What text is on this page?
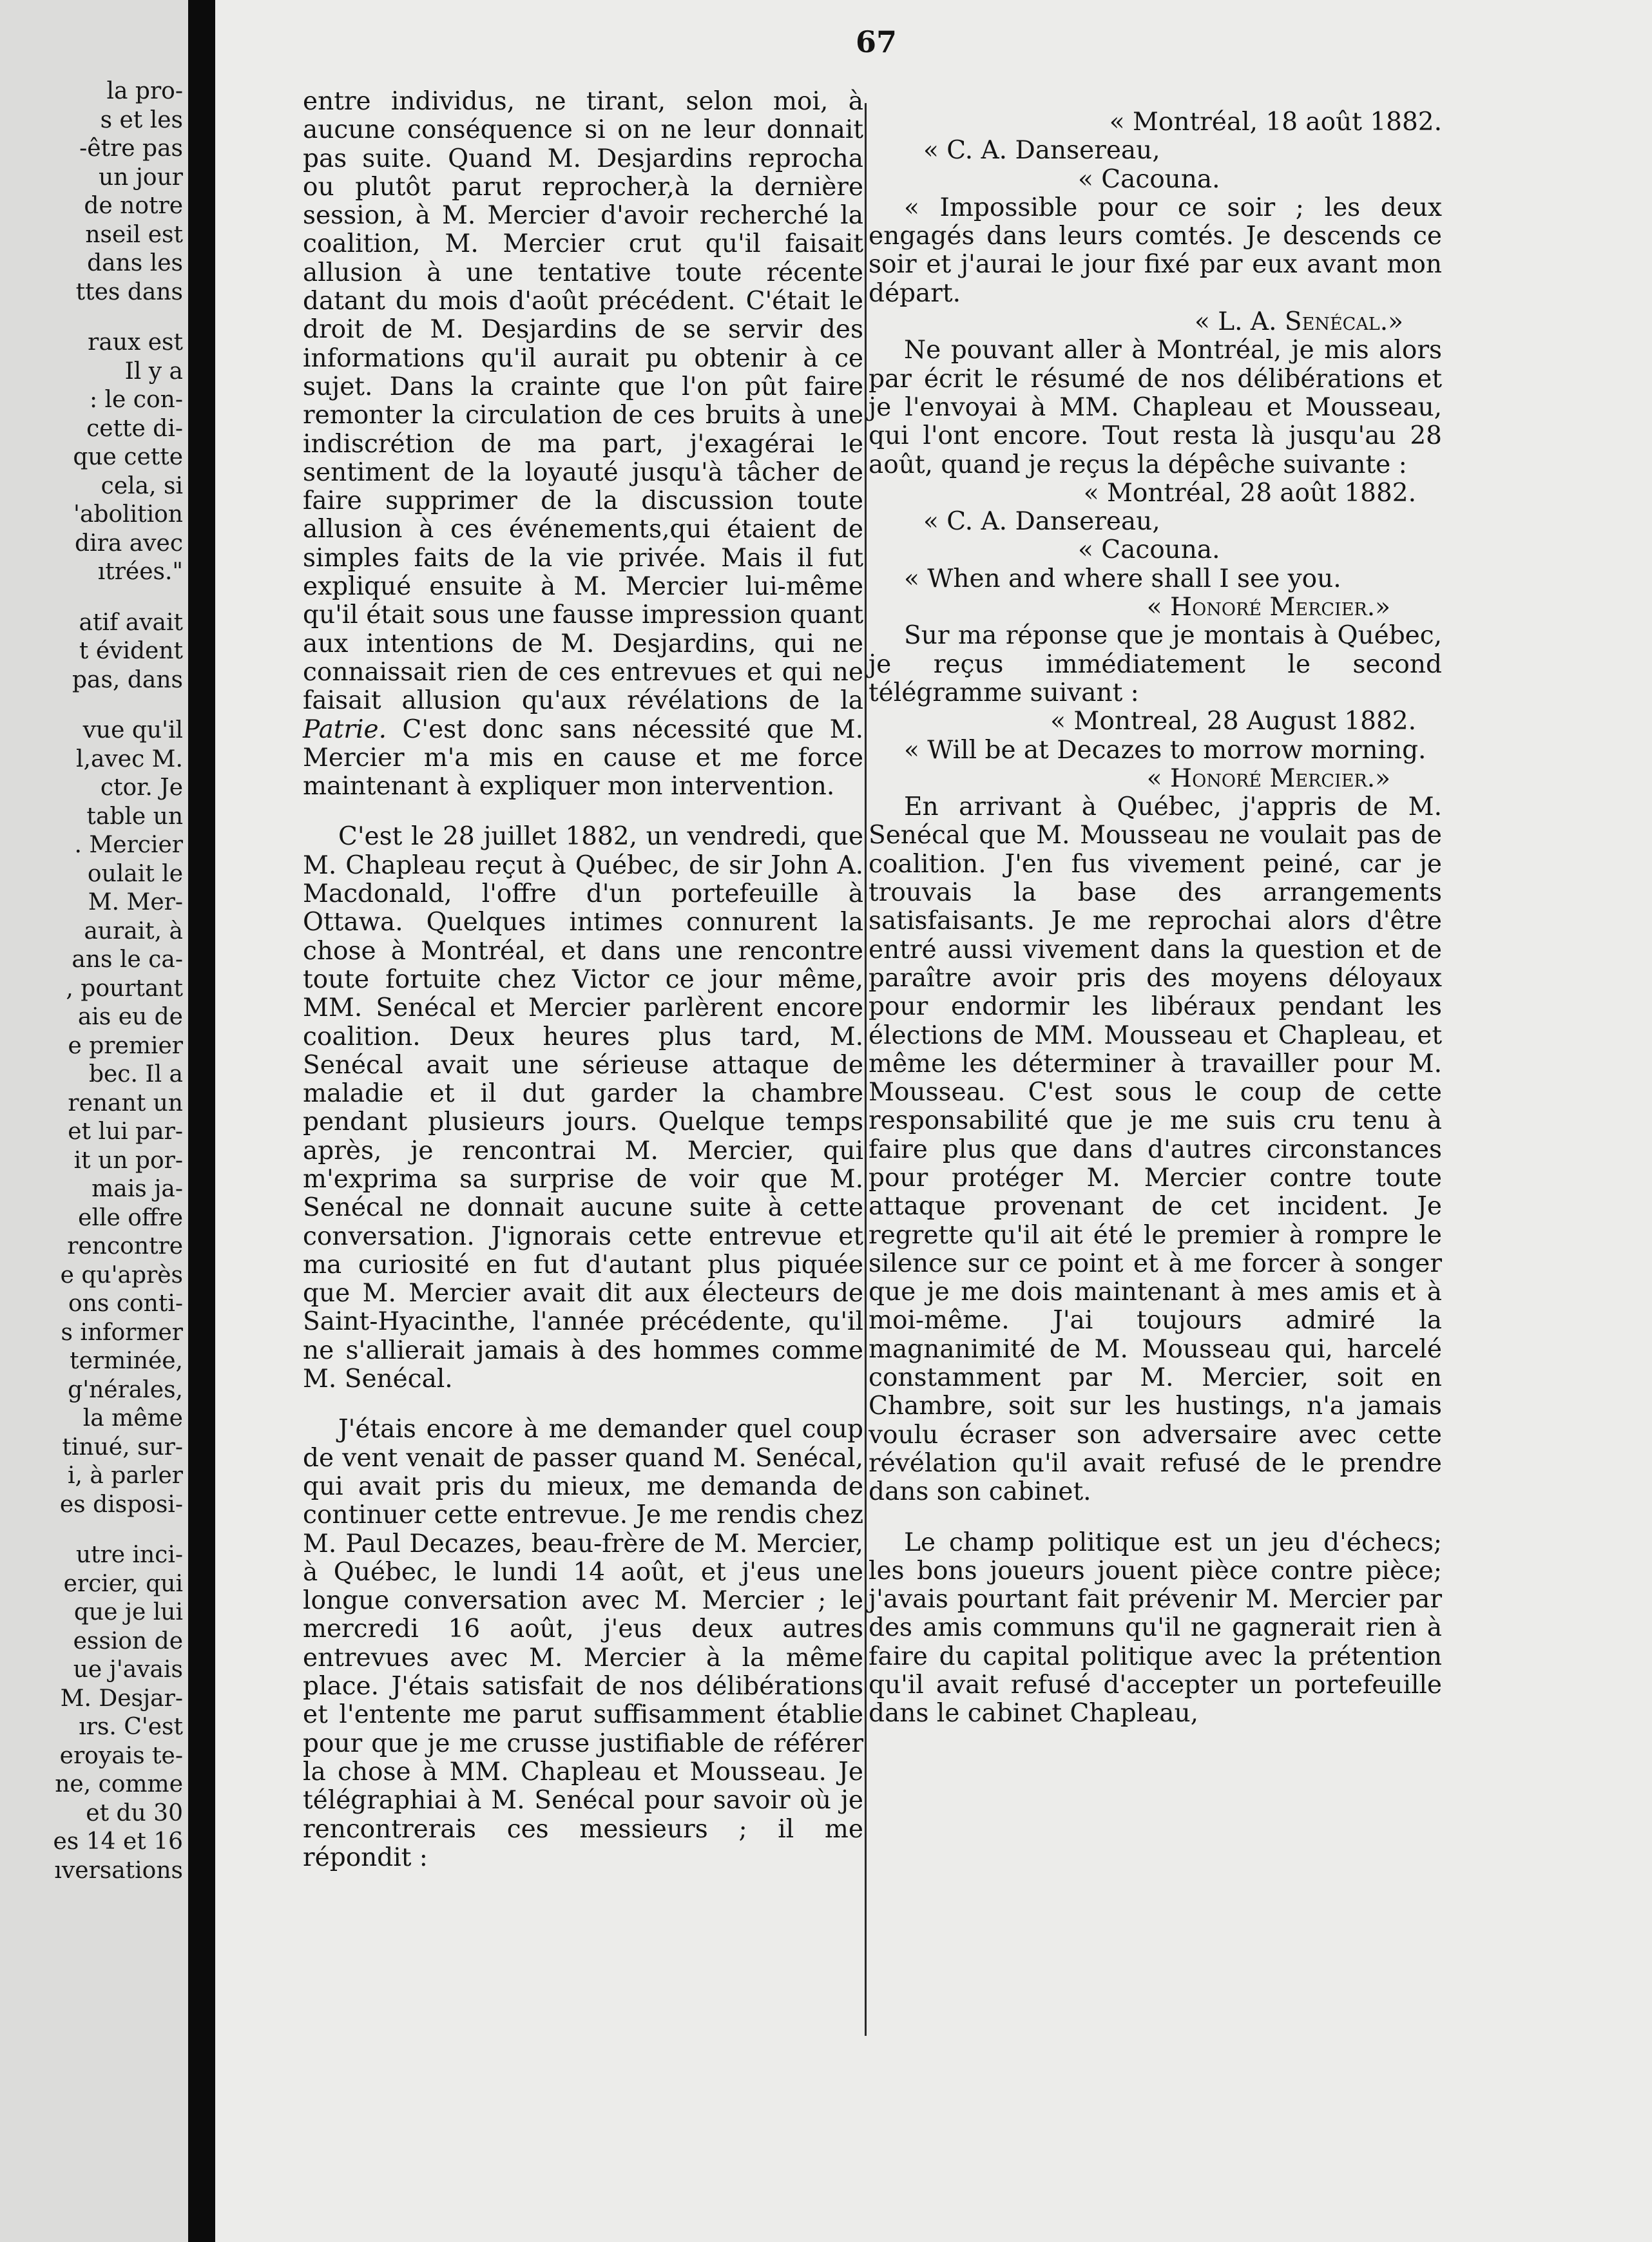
la pro-
s et les
-être pas
un jour
de notre
nseil est
dans les
ttes dans
raux est
Il y a
: le con-
cette di-
que cette
cela, si
'abolition
dira avec
ıtrées."
atif avait
t évident
pas, dans
vue qu'il
l,avec M.
ctor. Je
table un
. Mercier
oulait le
M. Mer-
aurait, à
ans le ca-
, pourtant
ais eu de
e premier
bec. Il a
renant un
et lui par-
it un por-
mais ja-
elle offre
rencontre
e qu'après
ons conti-
s informer
terminée,
g'nérales,
la même
tinué, sur-
i, à parler
es disposi-
utre inci-
ercier, qui
que je lui
ession de
ue j'avais
M. Desjar-
ırs. C'est
eroyais te-
ne, comme
et du 30
es 14 et 16
ıversations
67

entre individus, ne tirant, selon moi, à aucune conséquence si on ne leur donnait pas suite. Quand M. Desjardins reprocha ou plutôt parut reprocher,à la dernière session, à M. Mercier d'avoir recherché la coalition, M. Mercier crut qu'il faisait allusion à une tentative toute récente datant du mois d'août précédent. C'était le droit de M. Desjardins de se servir des informations qu'il aurait pu obtenir à ce sujet. Dans la crainte que l'on pût faire remonter la circulation de ces bruits à une indiscrétion de ma part, j'exagérai le sentiment de la loyauté jusqu'à tâcher de faire supprimer de la discussion toute allusion à ces événements,qui étaient de simples faits de la vie privée. Mais il fut expliqué ensuite à M. Mercier lui-même qu'il était sous une fausse impression quant aux intentions de M. Desjardins, qui ne connaissait rien de ces entrevues et qui ne faisait allusion qu'aux révélations de la Patrie. C'est donc sans nécessité que M. Mercier m'a mis en cause et me force maintenant à expliquer mon intervention.

C'est le 28 juillet 1882, un vendredi, que M. Chapleau reçut à Québec, de sir John A. Macdonald, l'offre d'un portefeuille à Ottawa. Quelques intimes connurent la chose à Montréal, et dans une rencontre toute fortuite chez Victor ce jour même, MM. Senécal et Mercier parlèrent encore coalition. Deux heures plus tard, M. Senécal avait une sérieuse attaque de maladie et il dut garder la chambre pendant plusieurs jours. Quelque temps après, je rencontrai M. Mercier, qui m'exprima sa surprise de voir que M. Senécal ne donnait aucune suite à cette conversation. J'ignorais cette entrevue et ma curiosité en fut d'autant plus piquée que M. Mercier avait dit aux électeurs de Saint-Hyacinthe, l'année précédente, qu'il ne s'allierait jamais à des hommes comme M. Senécal.

J'étais encore à me demander quel coup de vent venait de passer quand M. Senécal, qui avait pris du mieux, me demanda de continuer cette entrevue. Je me rendis chez M. Paul Decazes, beau-frère de M. Mercier, à Québec, le lundi 14 août, et j'eus une longue conversation avec M. Mercier ; le mercredi 16 août, j'eus deux autres entrevues avec M. Mercier à la même place. J'étais satisfait de nos délibérations et l'entente me parut suffisamment établie pour que je me crusse justifiable de référer la chose à MM. Chapleau et Mousseau. Je télégraphiai à M. Senécal pour savoir où je rencontrerais ces messieurs ; il me répondit :

« Montréal, 18 août 1882.

« C. A. Dansereau,

« Cacouna.

« Impossible pour ce soir ; les deux engagés dans leurs comtés. Je descends ce soir et j'aurai le jour fixé par eux avant mon départ.

« L. A. Senécal.»

Ne pouvant aller à Montréal, je mis alors par écrit le résumé de nos délibérations et je l'envoyai à MM. Chapleau et Mousseau, qui l'ont encore. Tout resta là jusqu'au 28 août, quand je reçus la dépêche suivante :

« Montréal, 28 août 1882.

« C. A. Dansereau,

« Cacouna.

« When and where shall I see you.

« Honoré Mercier.»

Sur ma réponse que je montais à Québec, je reçus immédiatement le second télégramme suivant :

« Montreal, 28 August 1882.

« Will be at Decazes to morrow morning.

« Honoré Mercier.»

En arrivant à Québec, j'appris de M. Senécal que M. Mousseau ne voulait pas de coalition. J'en fus vivement peiné, car je trouvais la base des arrangements satisfaisants. Je me reprochai alors d'être entré aussi vivement dans la question et de paraître avoir pris des moyens déloyaux pour endormir les libéraux pendant les élections de MM. Mousseau et Chapleau, et même les déterminer à travailler pour M. Mousseau. C'est sous le coup de cette responsabilité que je me suis cru tenu à faire plus que dans d'autres circonstances pour protéger M. Mercier contre toute attaque provenant de cet incident. Je regrette qu'il ait été le premier à rompre le silence sur ce point et à me forcer à songer que je me dois maintenant à mes amis et à moi-même. J'ai toujours admiré la magnanimité de M. Mousseau qui, harcelé constamment par M. Mercier, soit en Chambre, soit sur les hustings, n'a jamais voulu écraser son adversaire avec cette révélation qu'il avait refusé de le prendre dans son cabinet.

Le champ politique est un jeu d'échecs; les bons joueurs jouent pièce contre pièce; j'avais pourtant fait prévenir M. Mercier par des amis communs qu'il ne gagnerait rien à faire du capital politique avec la prétention qu'il avait refusé d'accepter un portefeuille dans le cabinet Chapleau,
